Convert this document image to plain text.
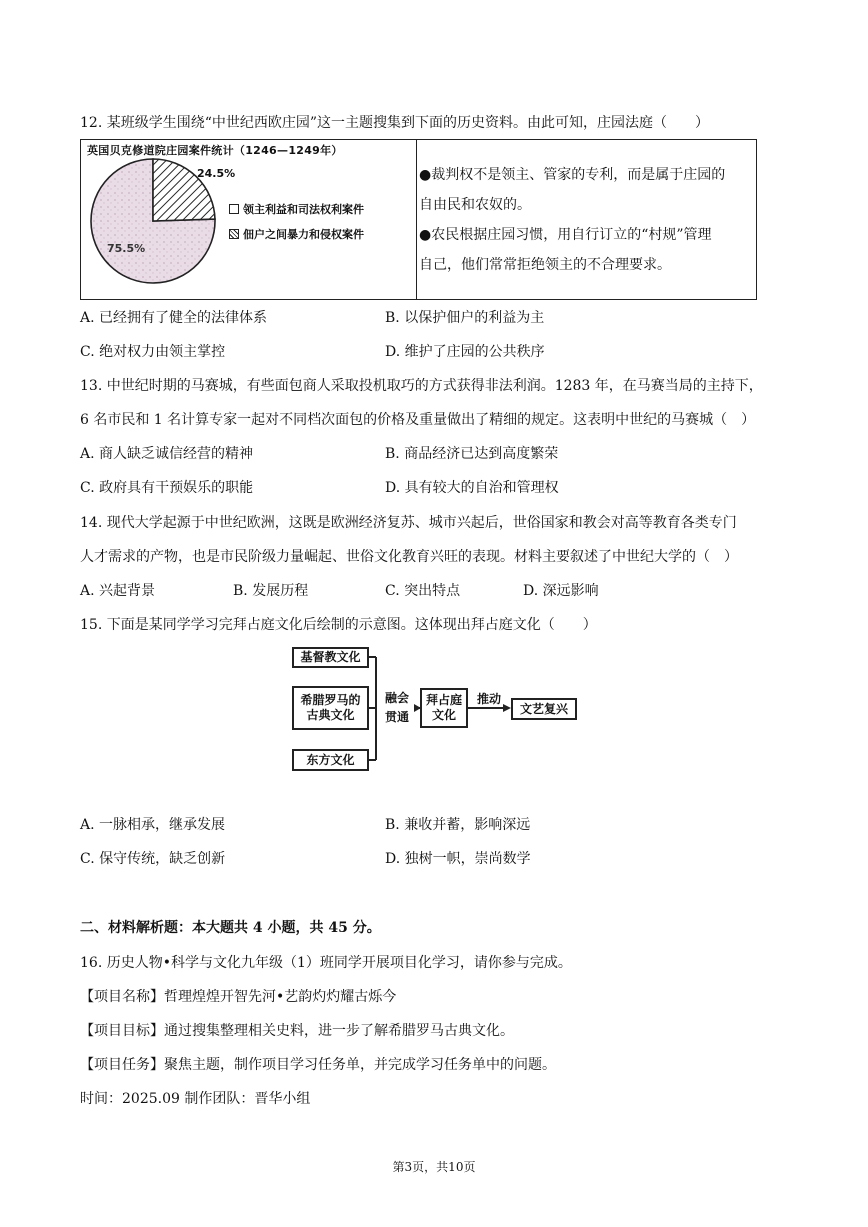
12. 某班级学生围绕“中世纪西欧庄园”这一主题搜集到下面的历史资料。由此可知，庄园法庭（　　）
英国贝克修道院庄园案件统计（1246—1249年）
75.5%
24.5%
领主利益和司法权利案件
佃户之间暴力和侵权案件
●裁判权不是领主、管家的专利，而是属于庄园的
自由民和农奴的。
●农民根据庄园习惯，用自行订立的“村规”管理
自己，他们常常拒绝领主的不合理要求。
A. 已经拥有了健全的法律体系	B. 以保护佃户的利益为主
C. 绝对权力由领主掌控	D. 维护了庄园的公共秩序
13. 中世纪时期的马赛城，有些面包商人采取投机取巧的方式获得非法利润。1283 年，在马赛当局的主持下，
6 名市民和 1 名计算专家一起对不同档次面包的价格及重量做出了精细的规定。这表明中世纪的马赛城（　）
A. 商人缺乏诚信经营的精神	B. 商品经济已达到高度繁荣
C. 政府具有干预娱乐的职能	D. 具有较大的自治和管理权
14. 现代大学起源于中世纪欧洲，这既是欧洲经济复苏、城市兴起后，世俗国家和教会对高等教育各类专门
人才需求的产物，也是市民阶级力量崛起、世俗文化教育兴旺的表现。材料主要叙述了中世纪大学的（　）
A. 兴起背景	B. 发展历程	C. 突出特点	D. 深远影响
15. 下面是某同学学习完拜占庭文化后绘制的示意图。这体现出拜占庭文化（　　）
基督教文化
希腊罗马的
古典文化
东方文化
融会
贯通
拜占庭
文化
推动
文艺复兴
A. 一脉相承，继承发展	B. 兼收并蓄，影响深远
C. 保守传统，缺乏创新	D. 独树一帜，崇尚数学
二、材料解析题：本大题共 4 小题，共 45 分。
16. 历史人物•科学与文化九年级（1）班同学开展项目化学习，请你参与完成。
【项目名称】哲理煌煌开智先河•艺韵灼灼耀古烁今
【项目目标】通过搜集整理相关史料，进一步了解希腊罗马古典文化。
【项目任务】聚焦主题，制作项目学习任务单，并完成学习任务单中的问题。
时间：2025.09 制作团队：晋华小组
第3页，共10页
